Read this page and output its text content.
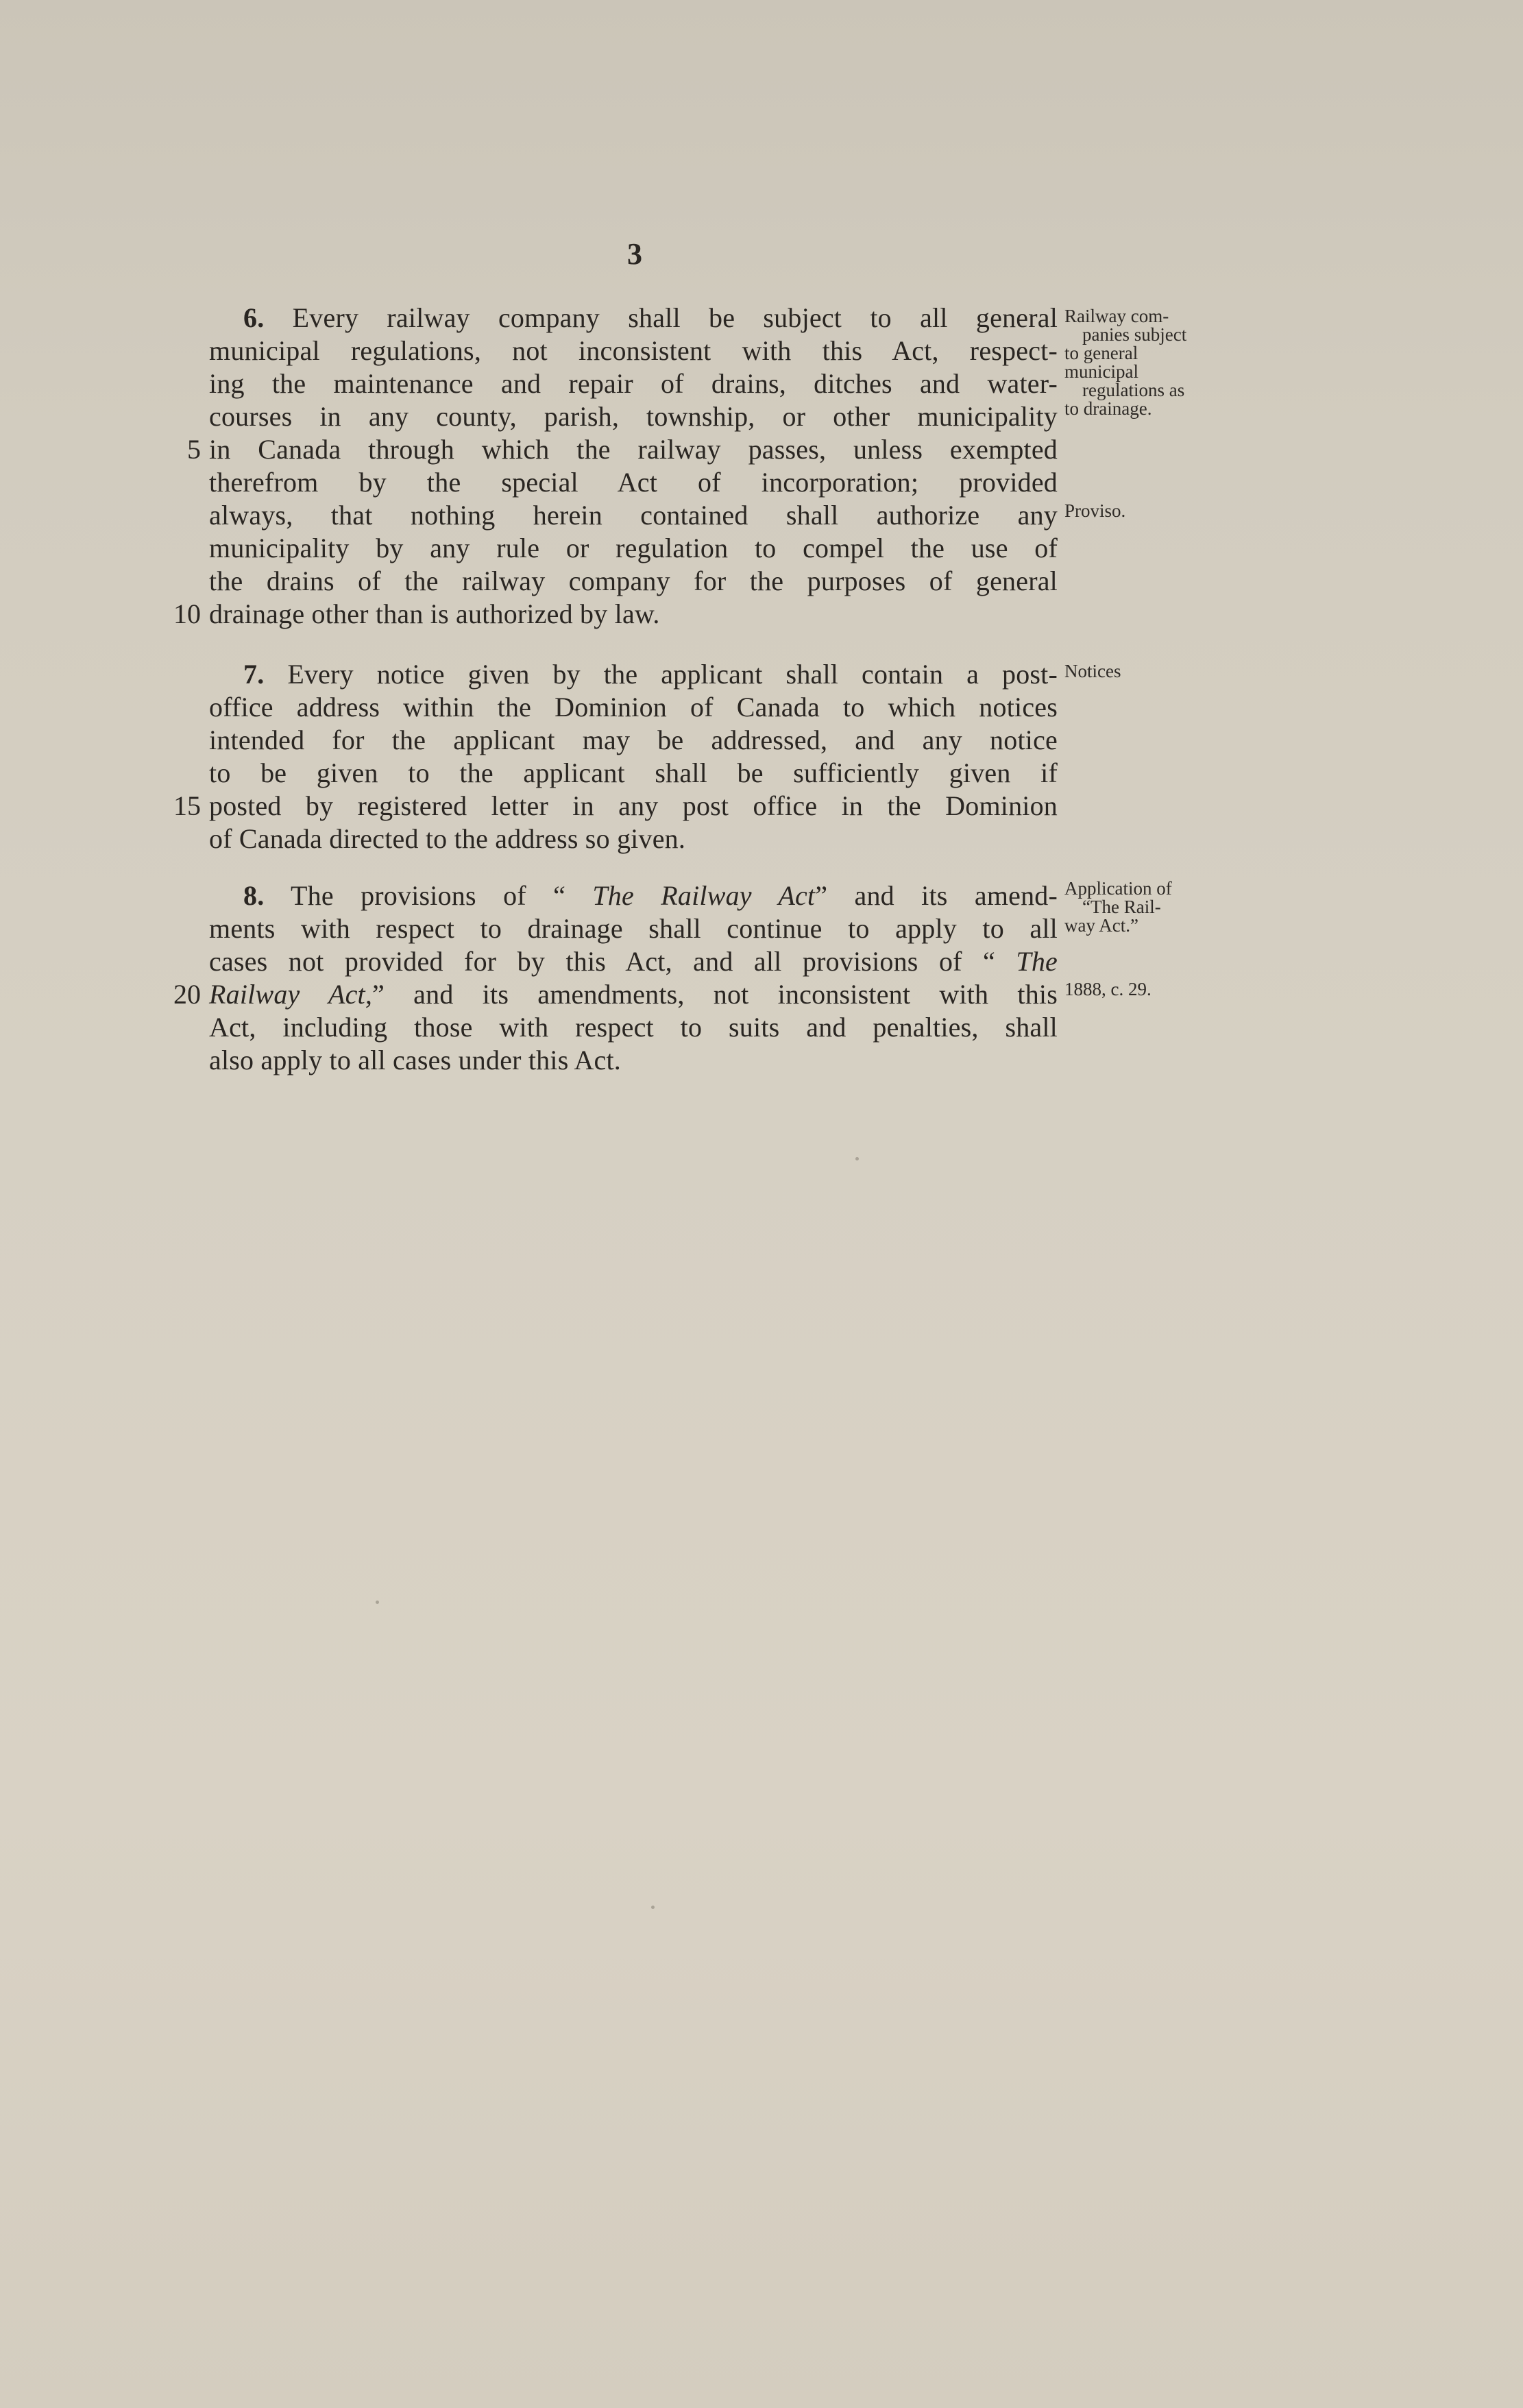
3
6. Every railway company shall be subject to all general
municipal regulations, not inconsistent with this Act, respect-
ing the maintenance and repair of drains, ditches and water-
courses in any county, parish, township, or other municipality
in Canada through which the railway passes, unless exempted
therefrom by the special Act of incorporation; provided
always, that nothing herein contained shall authorize any
municipality by any rule or regulation to compel the use of
the drains of the railway company for the purposes of general
drainage other than is authorized by law.
7. Every notice given by the applicant shall contain a post-
office address within the Dominion of Canada to which notices
intended for the applicant may be addressed, and any notice
to be given to the applicant shall be sufficiently given if
posted by registered letter in any post office in the Dominion
of Canada directed to the address so given.
8. The provisions of “ The Railway Act” and its amend-
ments with respect to drainage shall continue to apply to all
cases not provided for by this Act, and all provisions of “ The
Railway Act,” and its amendments, not inconsistent with this
Act, including those with respect to suits and penalties, shall
also apply to all cases under this Act.
5
10
15
20
Railway com-
panies subject
to general
municipal
regulations as
to drainage.
Proviso.
Notices
Application of
“The Rail-
way Act.”
1888, c. 29.
